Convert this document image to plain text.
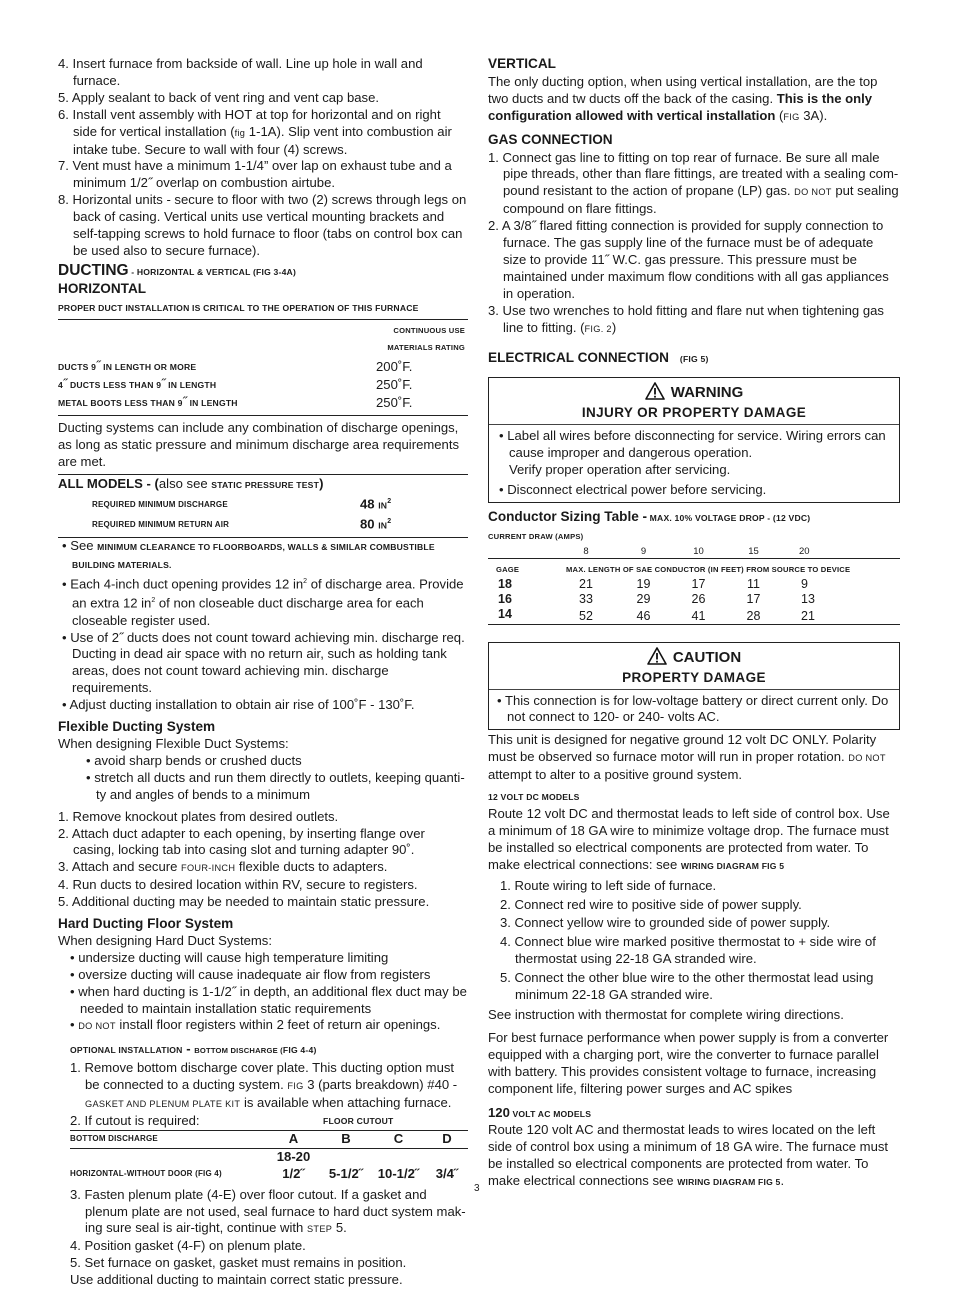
4. Insert furnace from backside of wall. Line up hole in wall and furnace.

5. Apply sealant to back of vent ring and vent cap base.

6. Install vent assembly with HOT at top for horizontal and on right side for vertical installation (fig 1-1A). Slip vent into combustion air intake tube. Secure to wall with four (4) screws.

7. Vent must have a minimum 1-1/4” over lap on exhaust tube and a minimum 1/2˝ overlap on combustion airtube.

8. Horizontal units - secure to floor with two (2) screws through legs on back of casing. Vertical units use vertical mounting brackets and self-tapping screws to hold furnace to floor (tabs on control box can be used also to secure furnace).

DUCTING - HORIZONTAL & VERTICAL (FIG 3-4A)

HORIZONTAL

PROPER DUCT INSTALLATION IS CRITICAL TO THE OPERATION OF THIS FURNACE

	CONTINUOUS USE MATERIALS RATING
DUCTS 9˝ IN LENGTH OR MORE	200˚F.
4˝ DUCTS LESS THAN 9˝ IN LENGTH	250˚F.
METAL BOOTS LESS THAN 9˝ IN LENGTH	250˚F.

Ducting systems can include any combination of discharge openings, as long as static pressure and minimum discharge area requirements are met.

ALL MODELS - (also see STATIC PRESSURE TEST)

REQUIRED MINIMUM DISCHARGE	48 $IN^2$
REQUIRED MINIMUM RETURN AIR	80 $IN^2$

• See MINIMUM CLEARANCE TO FLOORBOARDS, WALLS & SIMILAR COMBUSTIBLE BUILDING MATERIALS.

• Each 4-inch duct opening provides 12 $in^2$ of discharge area. Provide an extra 12 $in^2$ of non closeable duct discharge area for each closeable register used.

• Use of 2˝ ducts does not count toward achieving min. discharge req. Ducting in dead air space with no return air, such as holding tank areas, does not count toward achieving min. discharge requirements.

• Adjust ducting installation to obtain air rise of 100˚F - 130˚F.

Flexible Ducting System

When designing Flexible Duct Systems:

• avoid sharp bends or crushed ducts

• stretch all ducts and run them directly to outlets, keeping quanti-ty and angles of bends to a minimum

1. Remove knockout plates from desired outlets.

2. Attach duct adapter to each opening, by inserting flange over casing, locking tab into casing slot and turning adapter 90˚.

3. Attach and secure FOUR-INCH flexible ducts to adapters.

4. Run ducts to desired location within RV, secure to registers.

5. Additional ducting may be needed to maintain static pressure.

Hard Ducting Floor System

When designing Hard Duct Systems:

• undersize ducting will cause high temperature limiting

• oversize ducting will cause inadequate air flow from registers

• when hard ducting is 1-1/2˝ in depth, an additional flex duct may be needed to maintain installation static requirements

• DO NOT install floor registers within 2 feet of return air openings.

OPTIONAL INSTALLATION - BOTTOM DISCHARGE (FIG 4-4)

1. Remove bottom discharge cover plate. This ducting option must be connected to a ducting system. FIG 3 (parts breakdown) #40 - GASKET AND PLENUM PLATE KIT is available when attaching furnace.

2. If cutout is required:		FLOOR CUTOUT		
BOTTOM DISCHARGE	A	B	C	D
HORIZONTAL-WITHOUT DOOR (FIG 4)	18-20 1/2˝	5-1/2˝	10-1/2˝	3/4˝

3. Fasten plenum plate (4-E) over floor cutout. If a gasket and plenum plate are not used, seal furnace to hard duct system mak-ing sure seal is air-tight, continue with STEP 5.

4. Position gasket (4-F) on plenum plate.

5. Set furnace on gasket, gasket must remains in position.

Use additional ducting to maintain correct static pressure.

VERTICAL

The only ducting option, when using vertical installation, are the top two ducts and tw ducts off the back of the casing. This is the only configuration allowed with vertical installation (FIG 3A).

GAS CONNECTION

1. Connect gas line to fitting on top rear of furnace. Be sure all male pipe threads, other than flare fittings, are treated with a sealing com-pound resistant to the action of propane (LP) gas. DO NOT put sealing compound on flare fittings.

2. A 3/8˝ flared fitting connection is provided for supply connection to furnace. The gas supply line of the furnace must be of adequate size to provide 11˝ W.C. gas pressure. This pressure must be maintained under maximum flow conditions with all gas appliances in operation.

3. Use two wrenches to hold fitting and flare nut when tightening gas line to fitting. (FIG. 2)

ELECTRICAL CONNECTION (FIG 5)

WARNING
INJURY OR PROPERTY DAMAGE

• Label all wires before disconnecting for service. Wiring errors can cause improper and dangerous operation.

Verify proper operation after servicing.

• Disconnect electrical power before servicing.

Conductor Sizing Table - MAX. 10% VOLTAGE DROP - (12 VDC)

CURRENT DRAW (AMPS)					
	8	9	10	15	20
GAGE	MAX. LENGTH OF SAE CONDUCTOR (IN FEET) FROM SOURCE TO DEVICE				
18	21	19	17	11	9
16	33	29	26	17	13
14	52	46	41	28	21
CAUTION
PROPERTY DAMAGE

• This connection is for low-voltage battery or direct current only. Do not connect to 120- or 240- volts AC.

This unit is designed for negative ground 12 volt DC ONLY. Polarity must be observed so furnace motor will run in proper rotation. DO NOT attempt to alter to a positive ground system.

12 VOLT DC MODELS

Route 12 volt DC and thermostat leads to left side of control box. Use a minimum of 18 GA wire to minimize voltage drop. The furnace must be installed so electrical components are protected from water. To make electrical connections: see WIRING DIAGRAM FIG 5

1. Route wiring to left side of furnace.

2. Connect red wire to positive side of power supply.

3. Connect yellow wire to grounded side of power supply.

4. Connect blue wire marked positive thermostat to + side wire of thermostat using 22-18 GA stranded wire.

5. Connect the other blue wire to the other thermostat lead using minimum 22-18 GA stranded wire.

See instruction with thermostat for complete wiring directions.

For best furnace performance when power supply is from a converter equipped with a charging port, wire the converter to furnace parallel with battery. This provides consistent voltage to furnace, increasing component life, filtering power surges and AC spikes

120 VOLT AC MODELS

Route 120 volt AC and thermostat leads to wires located on the left side of control box using a minimum of 18 GA wire. The furnace must be installed so electrical components are protected from water. To make electrical connections see WIRING DIAGRAM FIG 5.

3
